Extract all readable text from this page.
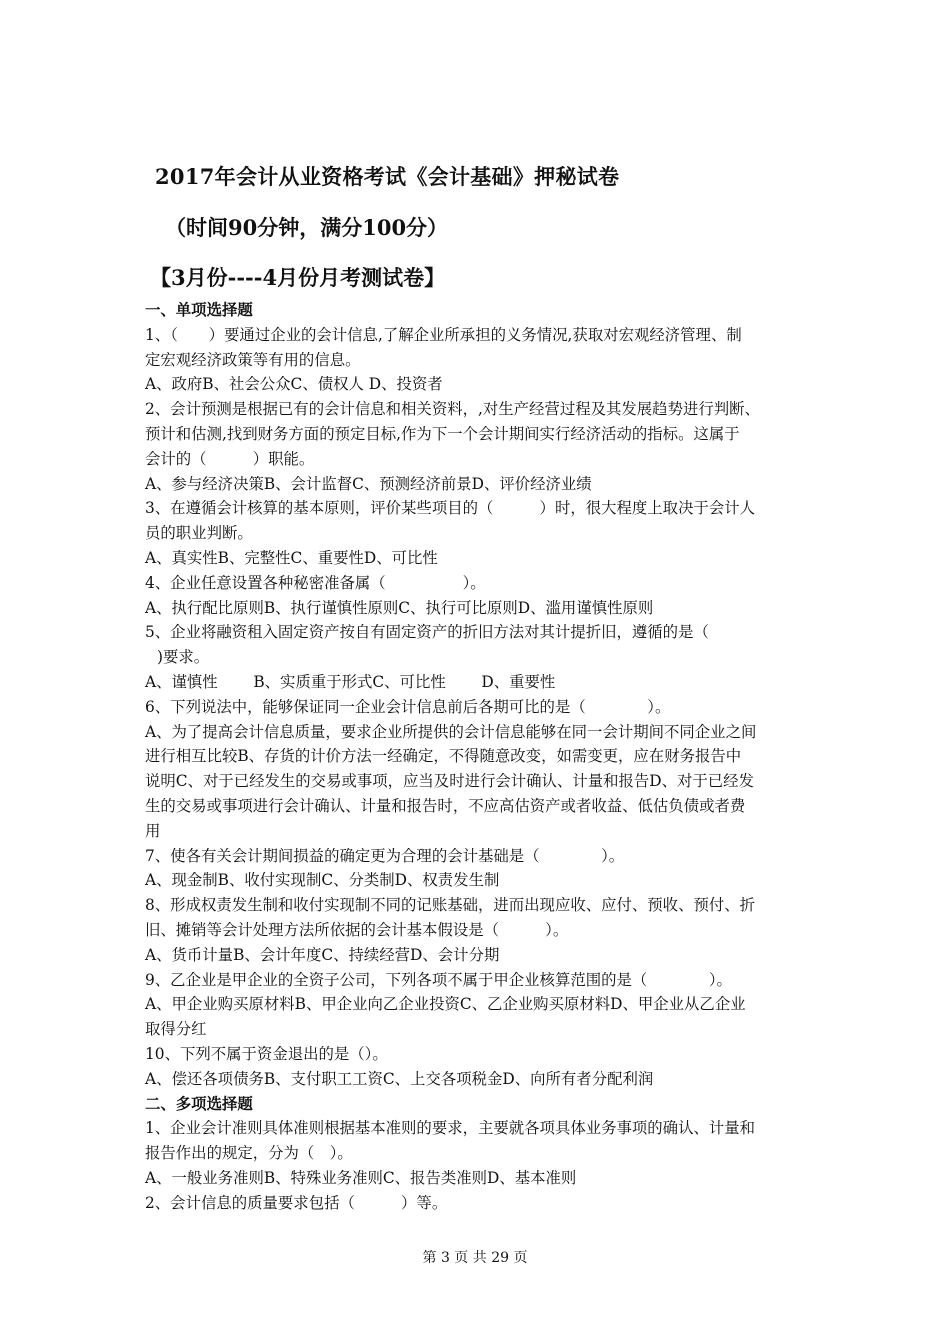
2017年会计从业资格考试《会计基础》押秘试卷
（时间90分钟，满分100分）
【3月份----4月份月考测试卷】
一、单项选择题
1、（　　）要通过企业的会计信息,了解企业所承担的义务情况,获取对宏观经济管理、制
定宏观经济政策等有用的信息。
A、政府B、社会公众C、债权人 D、投资者
2、会计预测是根据已有的会计信息和相关资料，,对生产经营过程及其发展趋势进行判断、
预计和估测,找到财务方面的预定目标,作为下一个会计期间实行经济活动的指标。这属于
会计的（　　　）职能。
A、参与经济决策B、会计监督C、预测经济前景D、评价经济业绩
3、在遵循会计核算的基本原则，评价某些项目的（　　　）时，很大程度上取决于会计人
员的职业判断。
A、真实性B、完整性C、重要性D、可比性
4、企业任意设置各种秘密准备属（　　　　　）。
A、执行配比原则B、执行谨慎性原则C、执行可比原则D、滥用谨慎性原则
5、企业将融资租入固定资产按自有固定资产的折旧方法对其计提折旧，遵循的是（
)要求。
A、谨慎性　　 B、实质重于形式C、可比性　　 D、重要性
6、下列说法中，能够保证同一企业会计信息前后各期可比的是（　　　　）。
A、为了提高会计信息质量，要求企业所提供的会计信息能够在同一会计期间不同企业之间
进行相互比较B、存货的计价方法一经确定，不得随意改变，如需变更，应在财务报告中
说明C、对于已经发生的交易或事项，应当及时进行会计确认、计量和报告D、对于已经发
生的交易或事项进行会计确认、计量和报告时，不应高估资产或者收益、低估负债或者费
用
7、使各有关会计期间损益的确定更为合理的会计基础是（　　　　）。
A、现金制B、收付实现制C、分类制D、权责发生制
8、形成权责发生制和收付实现制不同的记账基础，进而出现应收、应付、预收、预付、折
旧、摊销等会计处理方法所依据的会计基本假设是（　　　）。
A、货币计量B、会计年度C、持续经营D、会计分期
9、乙企业是甲企业的全资子公司，下列各项不属于甲企业核算范围的是（　　　　）。
A、甲企业购买原材料B、甲企业向乙企业投资C、乙企业购买原材料D、甲企业从乙企业
取得分红
10、下列不属于资金退出的是（）。
A、偿还各项债务B、支付职工工资C、上交各项税金D、向所有者分配利润
二、多项选择题
1、企业会计准则具体准则根据基本准则的要求，主要就各项具体业务事项的确认、计量和
报告作出的规定，分为（　）。
A、一般业务准则B、特殊业务准则C、报告类准则D、基本准则
2、会计信息的质量要求包括（　　　）等。
第 3 页 共 29 页
